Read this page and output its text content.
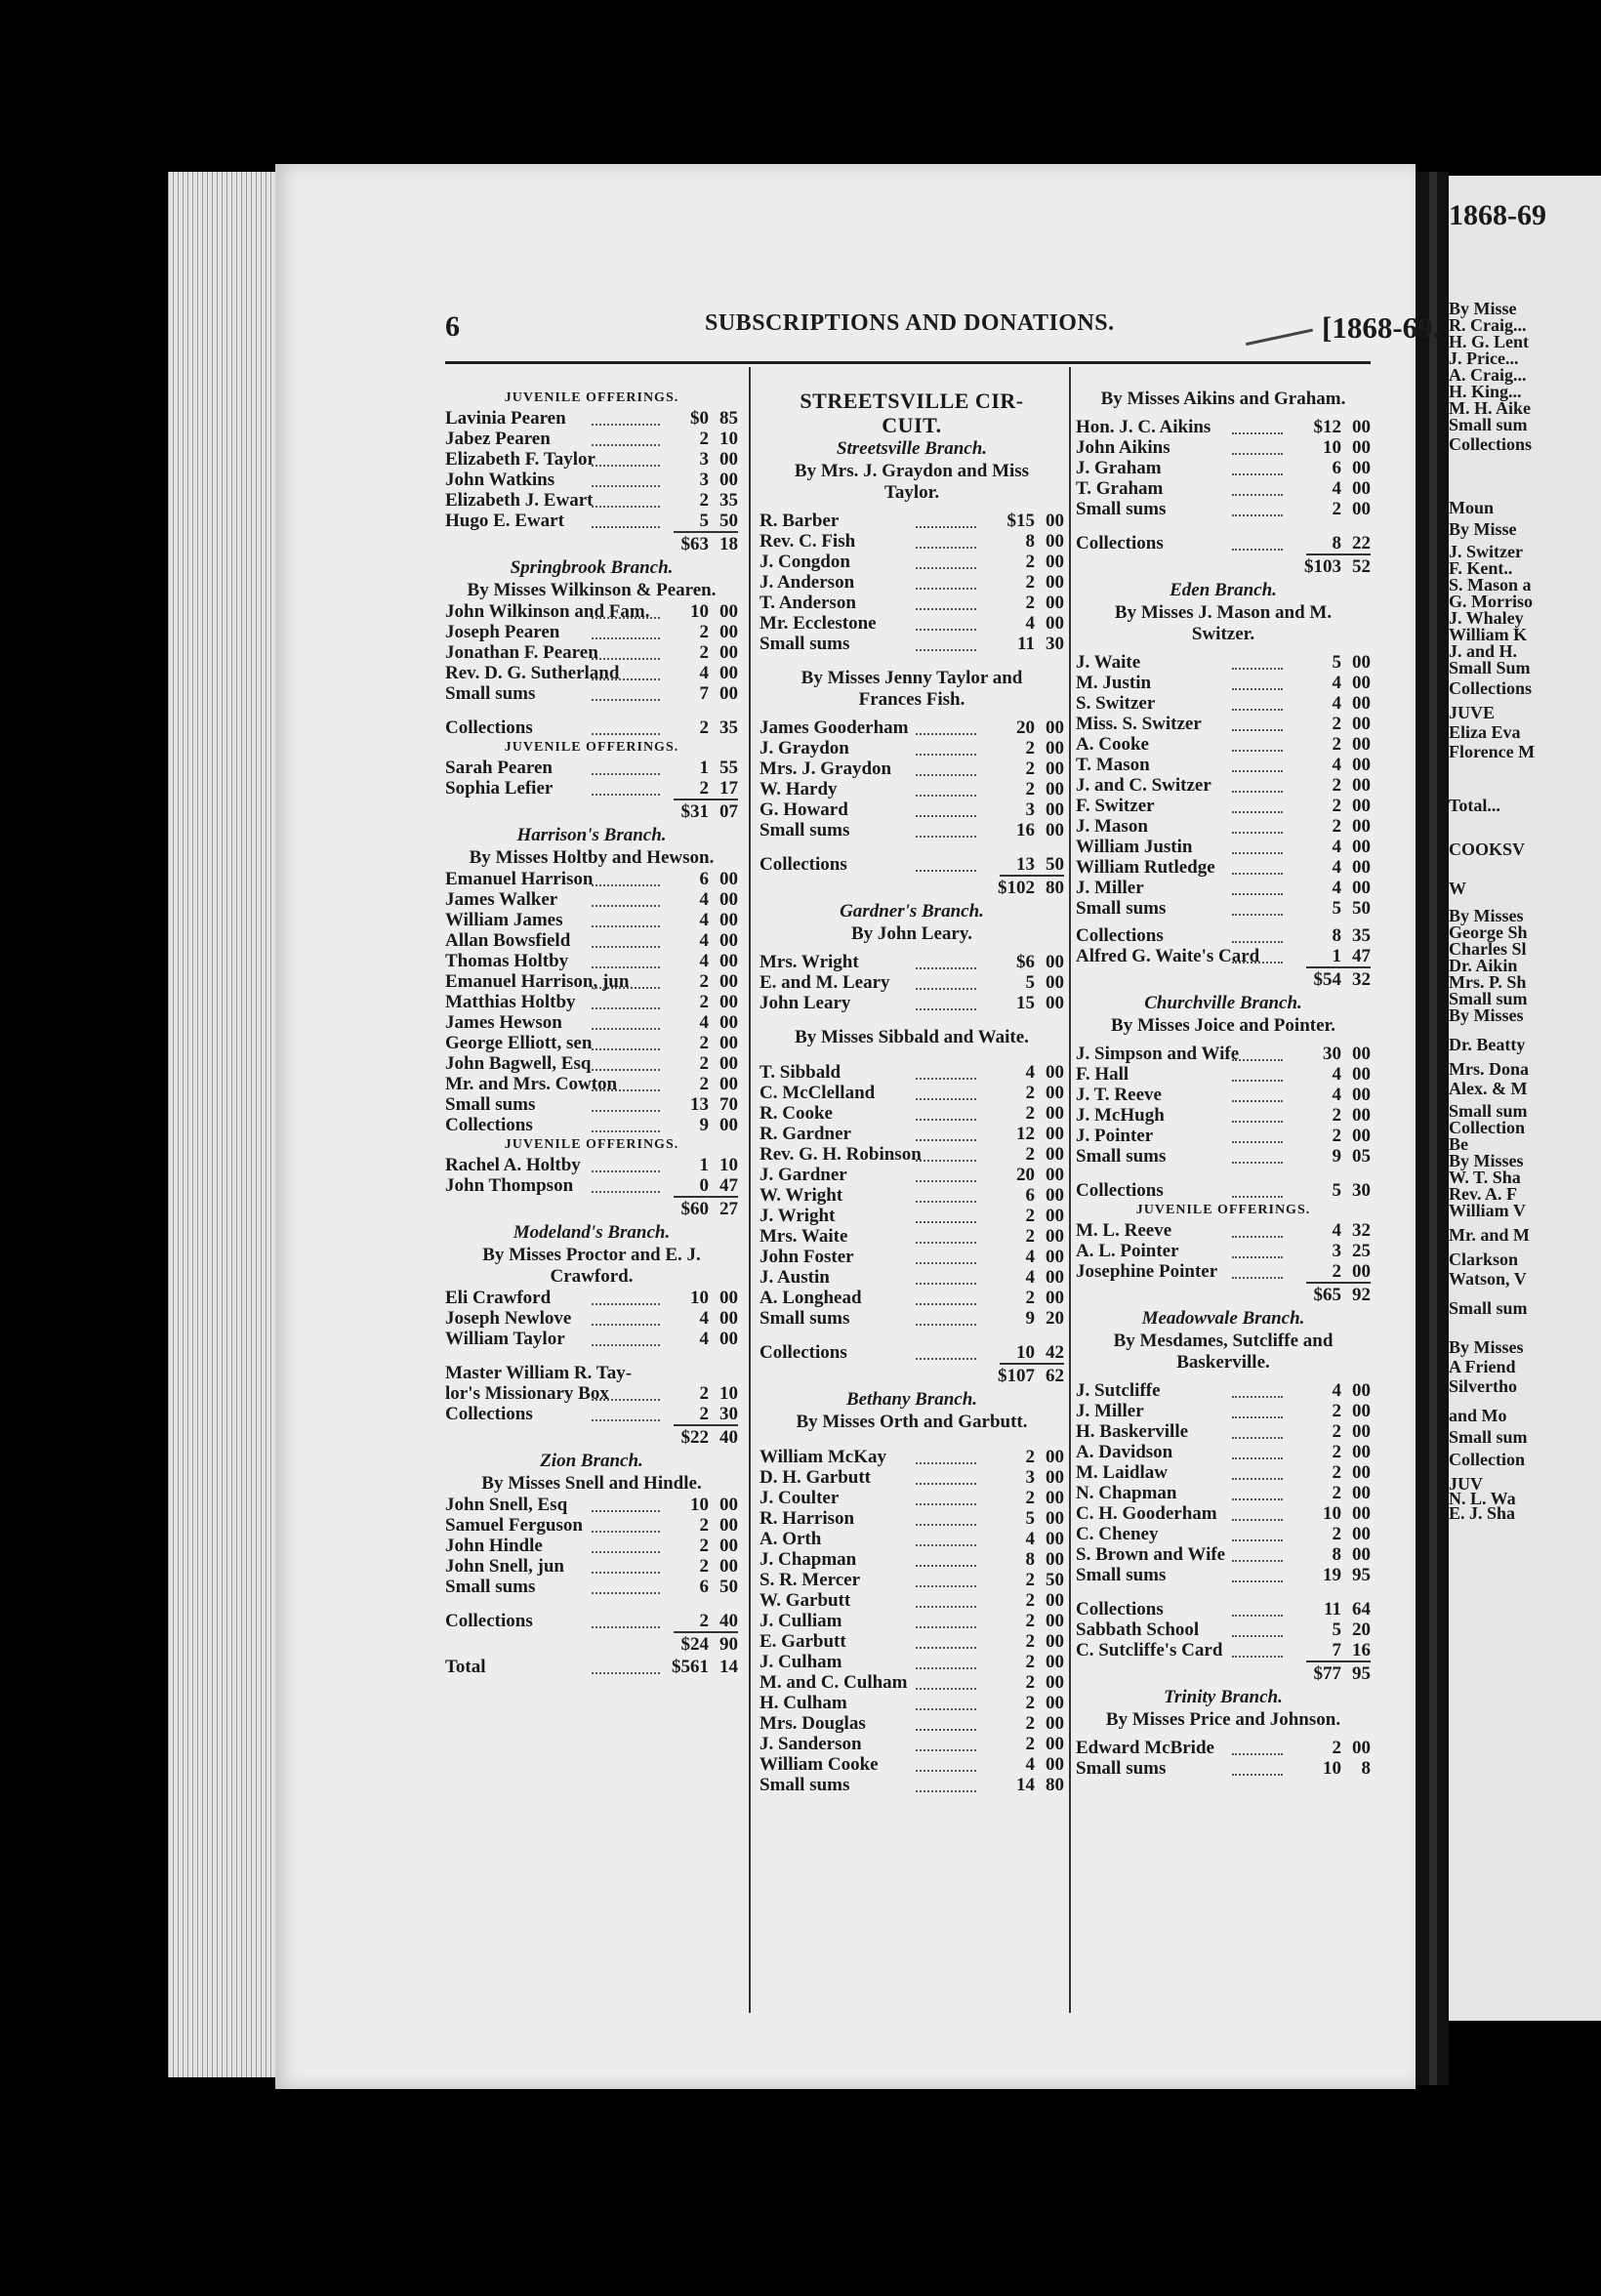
1868-69
By Misse
R. Craig...
H. G. Lent
J. Price...
A. Craig...
H. King...
M. H. Aike
Small sum
Collections
Moun
By Misse
J. Switzer
F. Kent..
S. Mason a
G. Morriso
J. Whaley
William K
J. and H.
Small Sum
Collections
JUVE
Eliza Eva
Florence M
Total...
COOKSV
W
By Misses
George Sh
Charles Sl
Dr. Aikin
Mrs. P. Sh
Small sum
By Misses
Dr. Beatty
Mrs. Dona
Alex. & M
Small sum
Collection
Be
By Misses
W. T. Sha
Rev. A. F
William V
Mr. and M
Clarkson
Watson, V
Small sum
By Misses
A Friend
Silvertho
and Mo
Small sum
Collection
JUV
N. L. Wa
E. J. Sha
6	SUBSCRIPTIONS AND DONATIONS.	[1868-69.
JUVENILE OFFERINGS.
Lavinia Pearen	$0 85
Jabez Pearen	2 10
Elizabeth F. Taylor	3 00
John Watkins	3 00
Elizabeth J. Ewart	2 35
Hugo E. Ewart	5 50
$63 18
Springbrook Branch.
By Misses Wilkinson & Pearen.
John Wilkinson and Fam.	10 00
Joseph Pearen	2 00
Jonathan F. Pearen	2 00
Rev. D. G. Sutherland	4 00
Small sums	7 00
Collections	2 35
JUVENILE OFFERINGS.
Sarah Pearen	1 55
Sophia Lefier	2 17
$31 07
Harrison's Branch.
By Misses Holtby and Hewson.
Emanuel Harrison	6 00
James Walker	4 00
William James	4 00
Allan Bowsfield	4 00
Thomas Holtby	4 00
Emanuel Harrison, jun	2 00
Matthias Holtby	2 00
James Hewson	4 00
George Elliott, sen	2 00
John Bagwell, Esq	2 00
Mr. and Mrs. Cowton	2 00
Small sums	13 70
Collections	9 00
JUVENILE OFFERINGS.
Rachel A. Holtby	1 10
John Thompson	0 47
$60 27
Modeland's Branch.
By Misses Proctor and E. J. Crawford.
Eli Crawford	10 00
Joseph Newlove	4 00
William Taylor	4 00
Master William R. Tay-
lor's Missionary Box	2 10
Collections	2 30
$22 40
Zion Branch.
By Misses Snell and Hindle.
John Snell, Esq	10 00
Samuel Ferguson	2 00
John Hindle	2 00
John Snell, jun	2 00
Small sums	6 50
Collections	2 40
$24 90
Total	$561 14
STREETSVILLE CIR-
CUIT.
Streetsville Branch.
By Mrs. J. Graydon and Miss
Taylor.
R. Barber	$15 00
Rev. C. Fish	8 00
J. Congdon	2 00
J. Anderson	2 00
T. Anderson	2 00
Mr. Ecclestone	4 00
Small sums	11 30
By Misses Jenny Taylor and
Frances Fish.
James Gooderham	20 00
J. Graydon	2 00
Mrs. J. Graydon	2 00
W. Hardy	2 00
G. Howard	3 00
Small sums	16 00
Collections	13 50
$102 80
Gardner's Branch.
By John Leary.
Mrs. Wright	$6 00
E. and M. Leary	5 00
John Leary	15 00
By Misses Sibbald and Waite.
T. Sibbald	4 00
C. McClelland	2 00
R. Cooke	2 00
R. Gardner	12 00
Rev. G. H. Robinson	2 00
J. Gardner	20 00
W. Wright	6 00
J. Wright	2 00
Mrs. Waite	2 00
John Foster	4 00
J. Austin	4 00
A. Longhead	2 00
Small sums	9 20
Collections	10 42
$107 62
Bethany Branch.
By Misses Orth and Garbutt.
William McKay	2 00
D. H. Garbutt	3 00
J. Coulter	2 00
R. Harrison	5 00
A. Orth	4 00
J. Chapman	8 00
S. R. Mercer	2 50
W. Garbutt	2 00
J. Culliam	2 00
E. Garbutt	2 00
J. Culham	2 00
M. and C. Culham	2 00
H. Culham	2 00
Mrs. Douglas	2 00
J. Sanderson	2 00
William Cooke	4 00
Small sums	14 80
By Misses Aikins and Graham.
Hon. J. C. Aikins	$12 00
John Aikins	10 00
J. Graham	6 00
T. Graham	4 00
Small sums	2 00
Collections	8 22
$103 52
Eden Branch.
By Misses J. Mason and M.
Switzer.
J. Waite	5 00
M. Justin	4 00
S. Switzer	4 00
Miss. S. Switzer	2 00
A. Cooke	2 00
T. Mason	4 00
J. and C. Switzer	2 00
F. Switzer	2 00
J. Mason	2 00
William Justin	4 00
William Rutledge	4 00
J. Miller	4 00
Small sums	5 50
Collections	8 35
Alfred G. Waite's Card	1 47
$54 32
Churchville Branch.
By Misses Joice and Pointer.
J. Simpson and Wife	30 00
F. Hall	4 00
J. T. Reeve	4 00
J. McHugh	2 00
J. Pointer	2 00
Small sums	9 05
Collections	5 30
JUVENILE OFFERINGS.
M. L. Reeve	4 32
A. L. Pointer	3 25
Josephine Pointer	2 00
$65 92
Meadowvale Branch.
By Mesdames, Sutcliffe and
Baskerville.
J. Sutcliffe	4 00
J. Miller	2 00
H. Baskerville	2 00
A. Davidson	2 00
M. Laidlaw	2 00
N. Chapman	2 00
C. H. Gooderham	10 00
C. Cheney	2 00
S. Brown and Wife	8 00
Small sums	19 95
Collections	11 64
Sabbath School	5 20
C. Sutcliffe's Card	7 16
$77 95
Trinity Branch.
By Misses Price and Johnson.
Edward McBride	2 00
Small sums	10	8
